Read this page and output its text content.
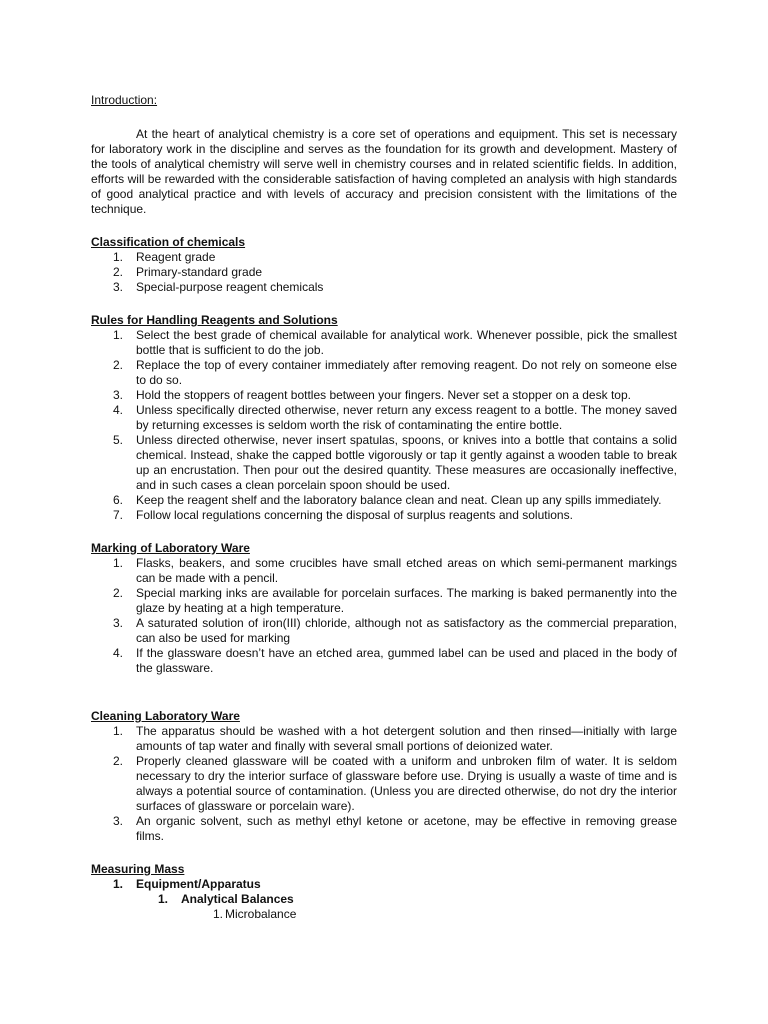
Introduction:

At the heart of analytical chemistry is a core set of operations and equipment. This set is necessary for laboratory work in the discipline and serves as the foundation for its growth and development. Mastery of the tools of analytical chemistry will serve well in chemistry courses and in related scientific fields. In addition, efforts will be rewarded with the considerable satisfaction of having completed an analysis with high standards of good analytical practice and with levels of accuracy and precision consistent with the limitations of the technique.

Classification of chemicals
1.	Reagent grade
2.	Primary-standard grade
3.	Special-purpose reagent chemicals
Rules for Handling Reagents and Solutions
1.	Select the best grade of chemical available for analytical work. Whenever possible, pick the smallest bottle that is sufficient to do the job.
2.	Replace the top of every container immediately after removing reagent. Do not rely on someone else to do so.
3.	Hold the stoppers of reagent bottles between your fingers. Never set a stopper on a desk top.
4.	Unless specifically directed otherwise, never return any excess reagent to a bottle. The money saved by returning excesses is seldom worth the risk of contaminating the entire bottle.
5.	Unless directed otherwise, never insert spatulas, spoons, or knives into a bottle that contains a solid chemical. Instead, shake the capped bottle vigorously or tap it gently against a wooden table to break up an encrustation. Then pour out the desired quantity. These measures are occasionally ineffective, and in such cases a clean porcelain spoon should be used.
6.	Keep the reagent shelf and the laboratory balance clean and neat. Clean up any spills immediately.
7.	Follow local regulations concerning the disposal of surplus reagents and solutions.
Marking of Laboratory Ware
1.	Flasks, beakers, and some crucibles have small etched areas on which semi-permanent markings can be made with a pencil.
2.	Special marking inks are available for porcelain surfaces. The marking is baked permanently into the glaze by heating at a high temperature.
3.	A saturated solution of iron(III) chloride, although not as satisfactory as the commercial preparation, can also be used for marking
4.	If the glassware doesn’t have an etched area, gummed label can be used and placed in the body of the glassware.
Cleaning Laboratory Ware
1.	The apparatus should be washed with a hot detergent solution and then rinsed—initially with large amounts of tap water and finally with several small portions of deionized water.
2.	Properly cleaned glassware will be coated with a uniform and unbroken film of water. It is seldom necessary to dry the interior surface of glassware before use. Drying is usually a waste of time and is always a potential source of contamination. (Unless you are directed otherwise, do not dry the interior surfaces of glassware or porcelain ware).
3.	An organic solvent, such as methyl ethyl ketone or acetone, may be effective in removing grease films.
Measuring Mass
1. Equipment/Apparatus
1. Analytical Balances
1. Microbalance
